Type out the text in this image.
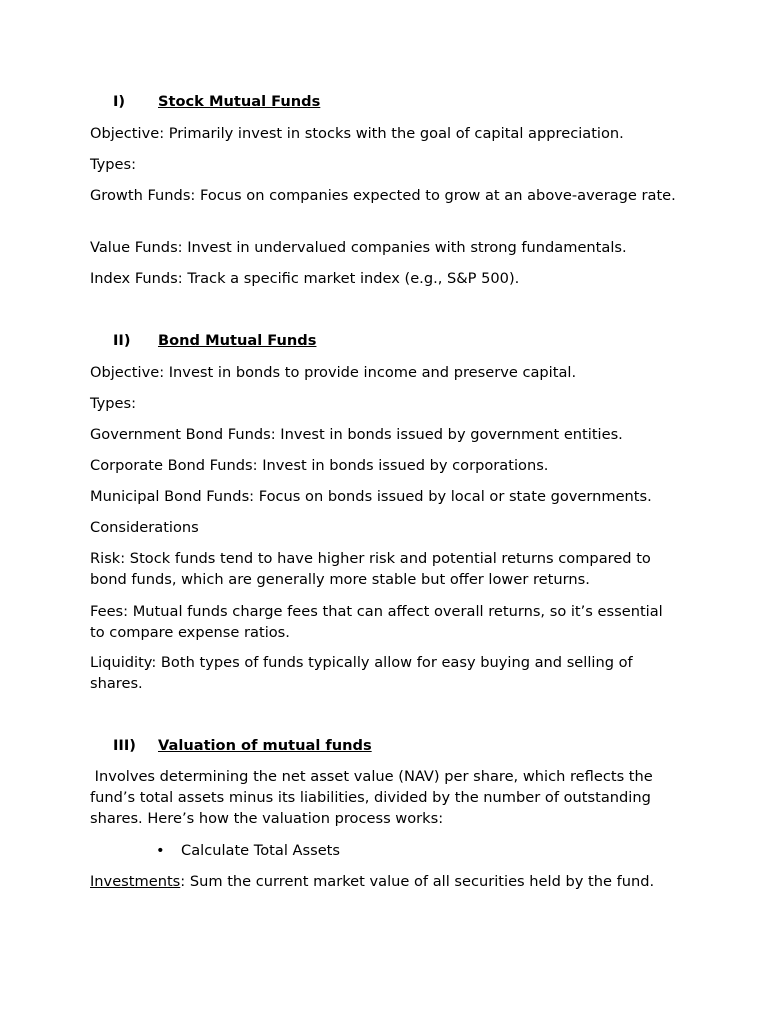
I) Stock Mutual Funds

Objective: Primarily invest in stocks with the goal of capital appreciation.

Types:

Growth Funds: Focus on companies expected to grow at an above-average rate.

Value Funds: Invest in undervalued companies with strong fundamentals.

Index Funds: Track a specific market index (e.g., S&P 500).

II) Bond Mutual Funds

Objective: Invest in bonds to provide income and preserve capital.

Types:

Government Bond Funds: Invest in bonds issued by government entities.

Corporate Bond Funds: Invest in bonds issued by corporations.

Municipal Bond Funds: Focus on bonds issued by local or state governments.

Considerations

Risk: Stock funds tend to have higher risk and potential returns compared to bond funds, which are generally more stable but offer lower returns.

Fees: Mutual funds charge fees that can affect overall returns, so it’s essential to compare expense ratios.

Liquidity: Both types of funds typically allow for easy buying and selling of shares.

III) Valuation of mutual funds

Involves determining the net asset value (NAV) per share, which reflects the fund’s total assets minus its liabilities, divided by the number of outstanding shares. Here’s how the valuation process works:

• Calculate Total Assets

Investments: Sum the current market value of all securities held by the fund.
